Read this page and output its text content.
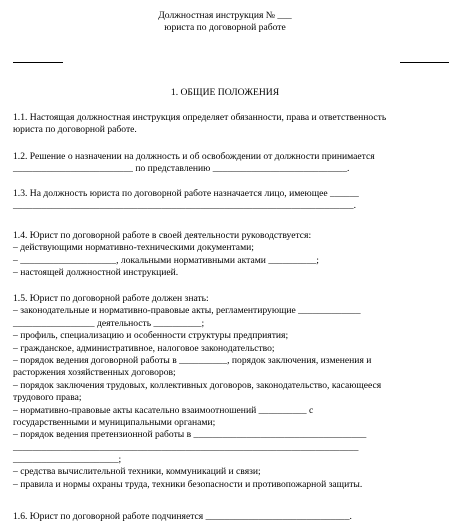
Должностная инструкция № ___
юриста по договорной работе
1. ОБЩИЕ ПОЛОЖЕНИЯ
1.1. Настоящая должностная инструкция определяет обязанности, права и ответственность
юриста по договорной работе.
1.2. Решение о назначении на должность и об освобождении от должности принимается
_________________________ по представлению ____________________________.
1.3. На должность юриста по договорной работе назначается лицо, имеющее ______
_______________________________________________________________________.
1.4. Юрист по договорной работе в своей деятельности руководствуется:
– действующими нормативно-техническими документами;
– ____________________, локальными нормативными актами __________;
– настоящей должностной инструкцией.
1.5. Юрист по договорной работе должен знать:
– законодательные и нормативно-правовые акты, регламентирующие _____________
_________________ деятельность __________;
– профиль, специализацию и особенности структуры предприятия;
– гражданское, административное, налоговое законодательство;
– порядок ведения договорной работы в __________, порядок заключения, изменения и
расторжения хозяйственных договоров;
– порядок заключения трудовых, коллективных договоров, законодательство, касающееся
трудового права;
– нормативно-правовые акты касательно взаимоотношений __________ с
государственными и муниципальными органами;
– порядок ведения претензионной работы в ____________________________________
________________________________________________________________________
______________________;
– средства вычислительной техники, коммуникаций и связи;
– правила и нормы охраны труда, техники безопасности и противопожарной защиты.
1.6. Юрист по договорной работе подчиняется ______________________________.
